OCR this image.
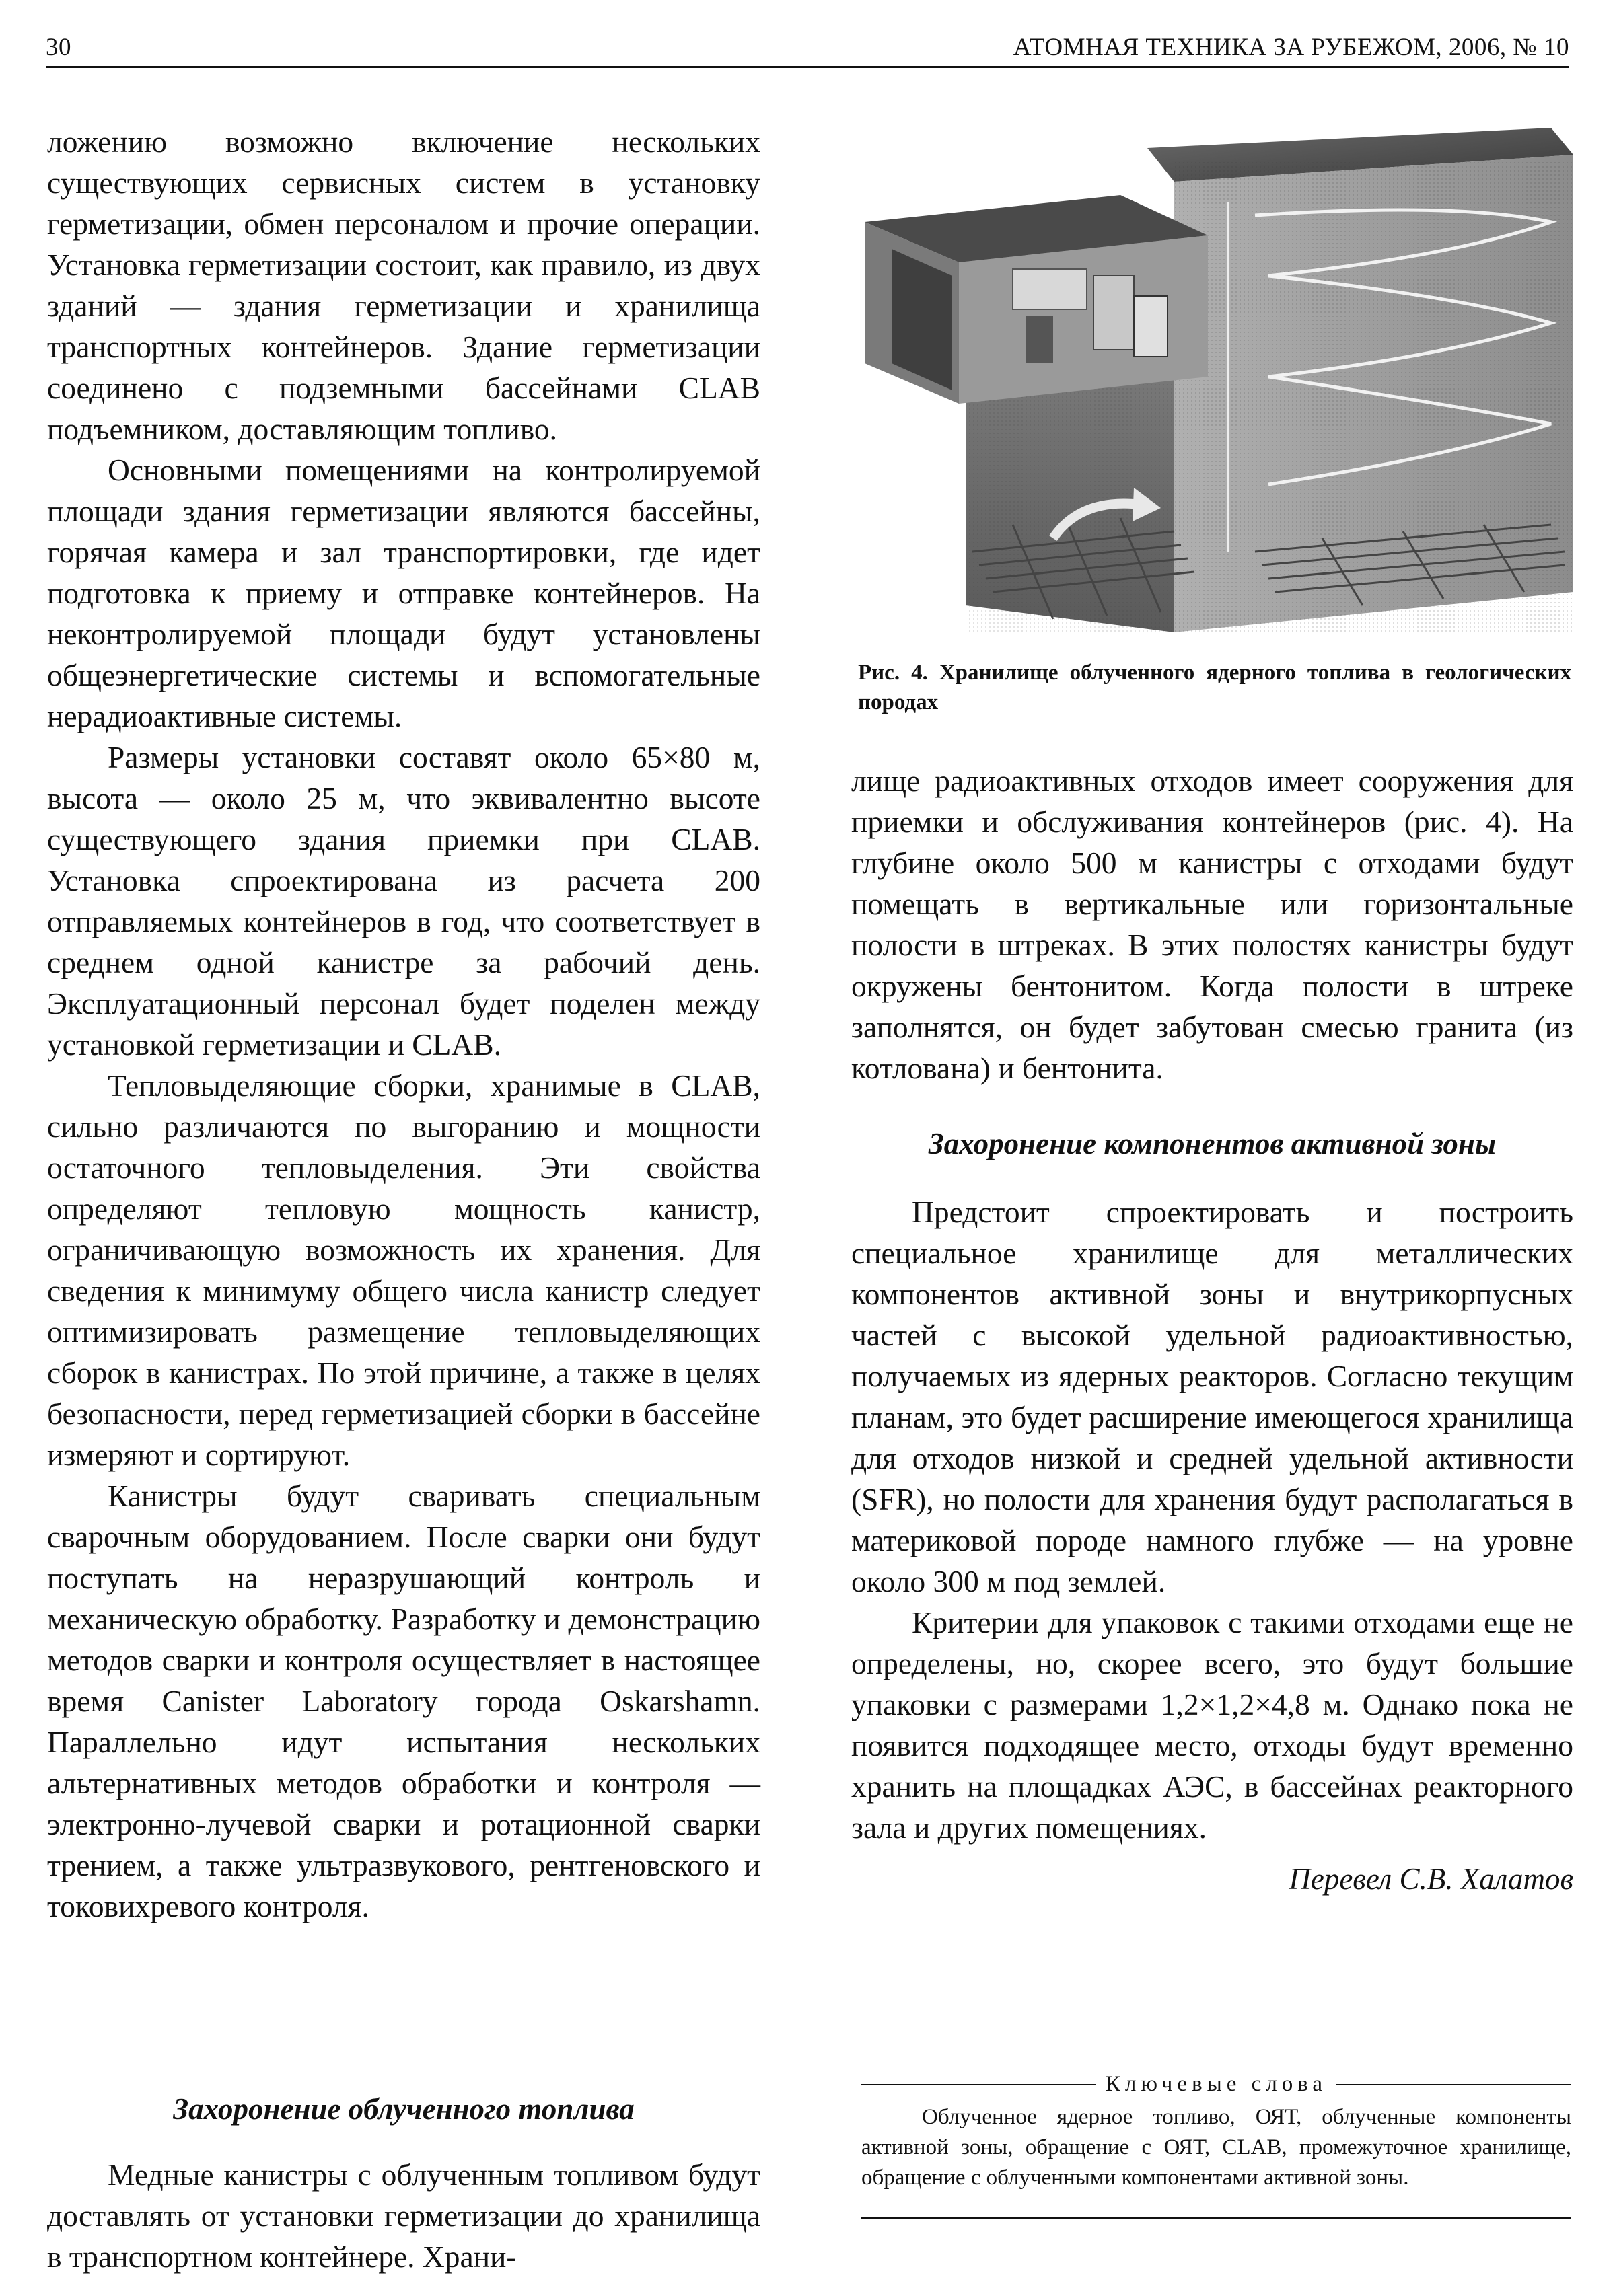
30	АТОМНАЯ ТЕХНИКА ЗА РУБЕЖОМ, 2006, № 10

ложению возможно включение нескольких существующих сервисных систем в установку герметизации, обмен персоналом и прочие операции. Установка герметизации состоит, как правило, из двух зданий — здания герметизации и хранилища транспортных контейнеров. Здание герметизации соединено с подземными бассейнами CLAB подъемником, доставляющим топливо.

Основными помещениями на контролируемой площади здания герметизации являются бассейны, горячая камера и зал транспортировки, где идет подготовка к приему и отправке контейнеров. На неконтролируемой площади будут установлены общеэнергетические системы и вспомогательные нерадиоактивные системы.

Размеры установки составят около 65×80 м, высота — около 25 м, что эквивалентно высоте существующего здания приемки при CLAB. Установка спроектирована из расчета 200 отправляемых контейнеров в год, что соответствует в среднем одной канистре за рабочий день. Эксплуатационный персонал будет поделен между установкой герметизации и CLAB.

Тепловыделяющие сборки, хранимые в CLAB, сильно различаются по выгоранию и мощности остаточного тепловыделения. Эти свойства определяют тепловую мощность канистр, ограничивающую возможность их хранения. Для сведения к минимуму общего числа канистр следует оптимизировать размещение тепловыделяющих сборок в канистрах. По этой причине, а также в целях безопасности, перед герметизацией сборки в бассейне измеряют и сортируют.

Канистры будут сваривать специальным сварочным оборудованием. После сварки они будут поступать на неразрушающий контроль и механическую обработку. Разработку и демонстрацию методов сварки и контроля осуществляет в настоящее время Canister Laboratory города Oskarshamn. Параллельно идут испытания нескольких альтернативных методов обработки и контроля — электронно-лучевой сварки и ротационной сварки трением, а также ультразвукового, рентгеновского и токовихревого контроля.

Захоронение облученного топлива

Медные канистры с облученным топливом будут доставлять от установки герметизации до хранилища в транспортном контейнере. Храни-

Рис. 4. Хранилище облученного ядерного топлива в геологических породах

лище радиоактивных отходов имеет сооружения для приемки и обслуживания контейнеров (рис. 4). На глубине около 500 м канистры с отходами будут помещать в вертикальные или горизонтальные полости в штреках. В этих полостях канистры будут окружены бентонитом. Когда полости в штреке заполнятся, он будет забутован смесью гранита (из котлована) и бентонита.

Захоронение компонентов активной зоны

Предстоит спроектировать и построить специальное хранилище для металлических компонентов активной зоны и внутрикорпусных частей с высокой удельной радиоактивностью, получаемых из ядерных реакторов. Согласно текущим планам, это будет расширение имеющегося хранилища для отходов низкой и средней удельной активности (SFR), но полости для хранения будут располагаться в материковой породе намного глубже — на уровне около 300 м под землей.

Критерии для упаковок с такими отходами еще не определены, но, скорее всего, это будут большие упаковки с размерами 1,2×1,2×4,8 м. Однако пока не появится подходящее место, отходы будут временно хранить на площадках АЭС, в бассейнах реакторного зала и других помещениях.

Перевел С.В. Халатов
Ключевые слова
Облученное ядерное топливо, ОЯТ, облученные компоненты активной зоны, обращение с ОЯТ, CLAB, промежуточное хранилище, обращение с облученными компонентами активной зоны.
